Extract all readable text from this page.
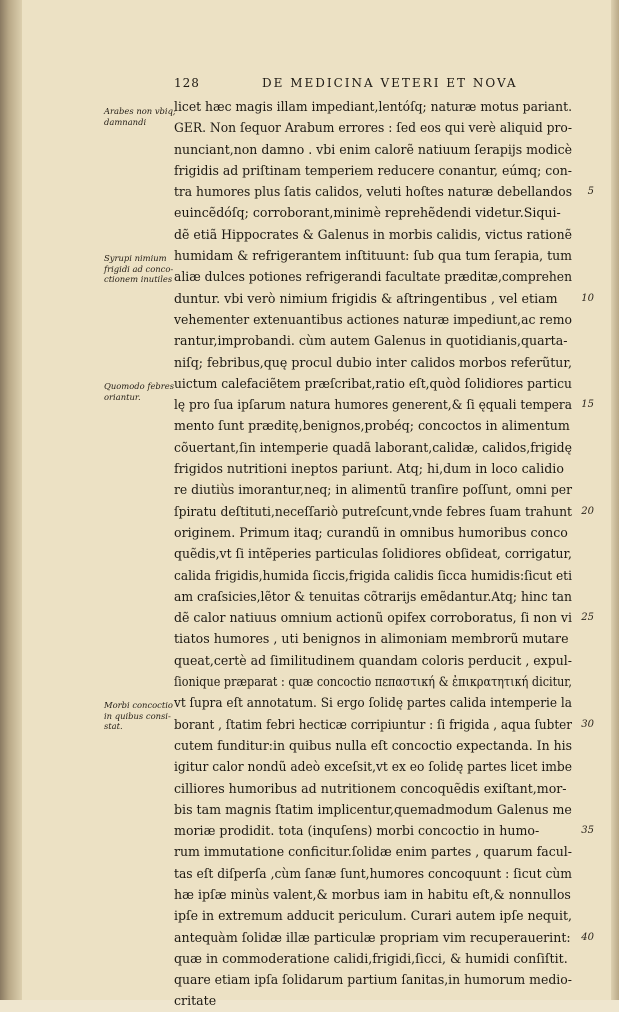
128	DE MEDICINA VETERI ET NOVA
Arabes non vbiq;
damnandi
Syrupi nimium
frigidi ad conco-
ctionem inutiles
Quomodo febres
oriantur.
Morbi concoctio
in quibus consi-
stat.
licet hæc magis illam impediant,lentóſq; naturæ motus pariant.
GER. Non ſequor Arabum errores : ſed eos qui verè aliquid pro-
nunciant,non damno . vbi enim calorẽ natiuum ſerapijs modicè
frigidis ad priſtinam temperiem reducere conantur, eúmq; con-
tra humores plus ſatis calidos, veluti hoſtes naturæ debellandos 5
euincẽdóſq; corroborant,minimè reprehẽdendi videtur.Siqui-
dẽ etiã Hippocrates & Galenus in morbis calidis, victus rationẽ
humidam & refrigerantem inſtituunt: ſub qua tum ſerapia, tum
aliæ dulces potiones refrigerandi facultate præditæ,comprehen
duntur. vbi verò nimium frigidis & aſtringentibus , vel etiam 10
vehementer extenuantibus actiones naturæ impediunt,ac remo
rantur,improbandi. cùm autem Galenus in quotidianis,quarta-
niſq; febribus,quę procul dubio inter calidos morbos referũtur,
uictum calefaciẽtem præſcribat,ratio eſt,quòd ſolidiores particu
lę pro ſua ipſarum natura humores generent,& ſi ęquali tempera 15
mento ſunt præditę,benignos,probéq; concoctos in alimentum
cõuertant,ſin intemperie quadã laborant,calidæ, calidos,frigidę
frigidos nutritioni ineptos pariunt. Atq; hi,dum in loco calidio
re diutiùs imorantur,neq; in alimentũ tranſire poſſunt, omni per
ſpiratu deſtituti,neceſſariò putreſcunt,vnde febres ſuam trahunt 20
originem. Primum itaq; curandũ in omnibus humoribus conco
quẽdis,vt ſi intẽperies particulas ſolidiores obſideat, corrigatur,
calida frigidis,humida ſiccis,frigida calidis ſicca humidis:ſicut eti
am craſsicies,lẽtor & tenuitas cõtrarijs emẽdantur.Atq; hinc tan
dẽ calor natiuus omnium actionũ opifex corroboratus, ſi non vi 25
tiatos humores , uti benignos in alimoniam membrorũ mutare
queat,certè ad ſimilitudinem quandam coloris perducit , expul-
ſionique præparat : quæ concoctio πεπαστική & ἐπικρατητική dicitur,
vt ſupra eſt annotatum. Si ergo ſolidę partes calida intemperie la
borant , ſtatim febri hecticæ corripiuntur : ſi frigida , aqua ſubter 30
cutem funditur:in quibus nulla eſt concoctio expectanda. In his
igitur calor nondũ adeò exceſsit,vt ex eo ſolidę partes licet imbe
cilliores humoribus ad nutritionem concoquẽdis exiſtant,mor-
bis tam magnis ſtatim implicentur,quemadmodum Galenus me
moriæ prodidit. tota (inquſens) morbi concoctio in humo-	35
rum immutatione conficitur.ſolidæ enim partes , quarum facul-
tas eſt diſperſa ,cùm ſanæ ſunt,humores concoquunt : ſicut cùm
hæ ipſæ minùs valent,& morbus iam in habitu eſt,& nonnullos
ipſe in extremum adducit periculum. Curari autem ipſe nequit,
antequàm ſolidæ illæ particulæ propriam vim recuperauerint: 40
quæ in commoderatione calidi,frigidi,ſicci, & humidi conſiſtit.
quare etiam ipſa ſolidarum partium ſanitas,in humorum medio-
critate
